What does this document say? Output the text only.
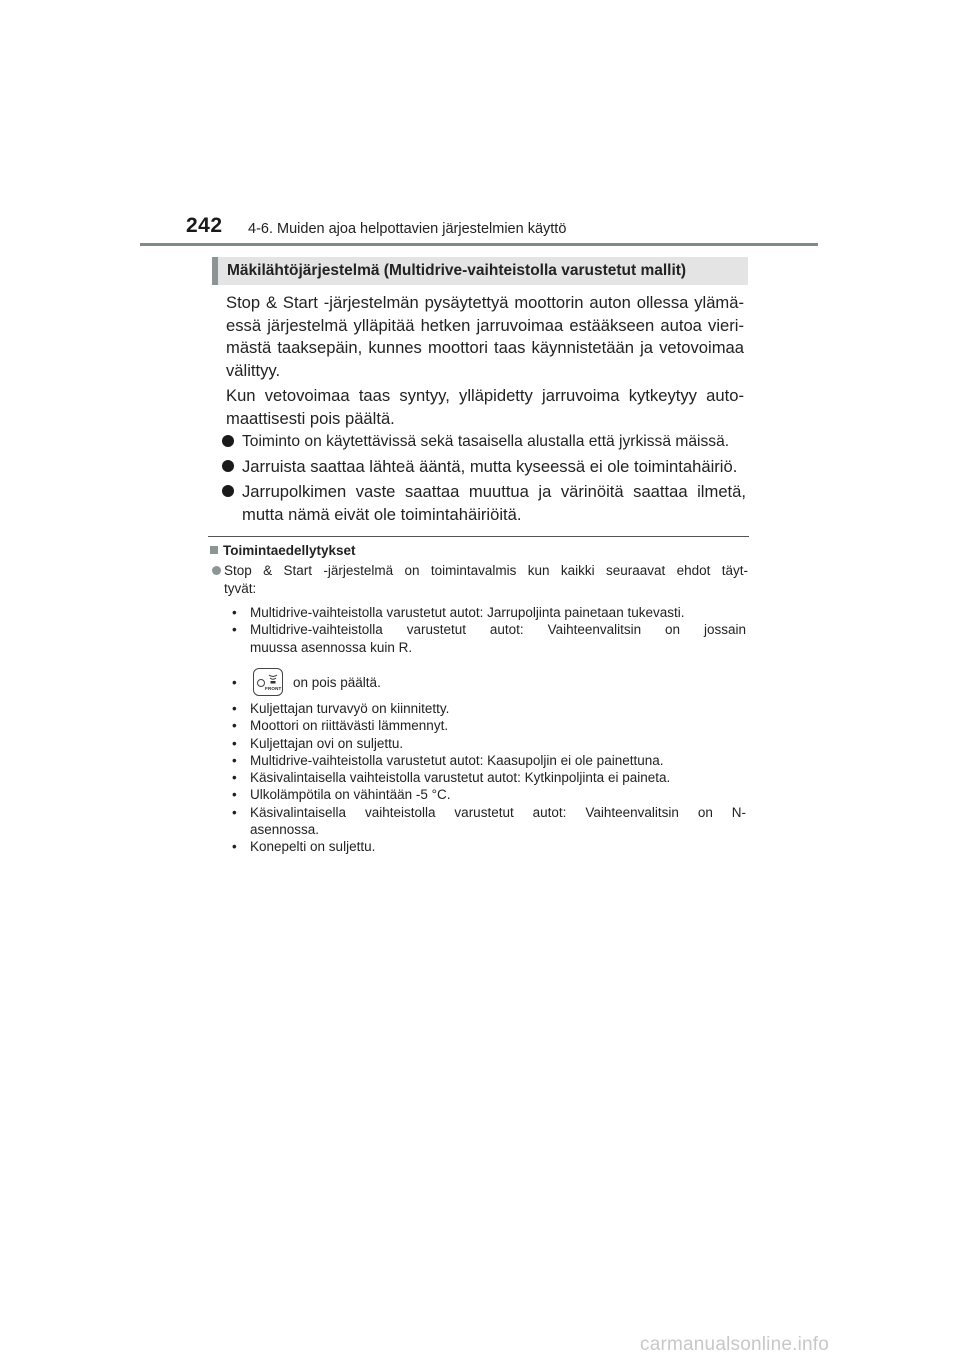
242 4-6. Muiden ajoa helpottavien järjestelmien käyttö
Mäkilähtöjärjestelmä (Multidrive-vaihteistolla varustetut mallit)
Stop & Start -järjestelmän pysäytettyä moottorin auton ollessa ylämä-
essä järjestelmä ylläpitää hetken jarruvoimaa estääkseen autoa vieri-
mästä taaksepäin, kunnes moottori taas käynnistetään ja vetovoimaa
välittyy.
Kun vetovoimaa taas syntyy, ylläpidetty jarruvoima kytkeytyy auto-
maattisesti pois päältä.
Toiminto on käytettävissä sekä tasaisella alustalla että jyrkissä mäissä.
Jarruista saattaa lähteä ääntä, mutta kyseessä ei ole toimintahäiriö.
Jarrupolkimen vaste saattaa muuttua ja värinöitä saattaa ilmetä,
mutta nämä eivät ole toimintahäiriöitä.
Toimintaedellytykset
Stop & Start -järjestelmä on toimintavalmis kun kaikki seuraavat ehdot täyt-
tyvät:
• Multidrive-vaihteistolla varustetut autot: Jarrupoljinta painetaan tukevasti.
• Multidrive-vaihteistolla varustetut autot: Vaihteenvalitsin on jossain
muussa asennossa kuin R.
•	FRONT on pois päältä.
• Kuljettajan turvavyö on kiinnitetty.
• Moottori on riittävästi lämmennyt.
• Kuljettajan ovi on suljettu.
• Multidrive-vaihteistolla varustetut autot: Kaasupoljin ei ole painettuna.
• Käsivalintaisella vaihteistolla varustetut autot: Kytkinpoljinta ei paineta.
• Ulkolämpötila on vähintään -5 °C.
• Käsivalintaisella vaihteistolla varustetut autot: Vaihteenvalitsin on N-
asennossa.
• Konepelti on suljettu.
carmanualsonline.info
